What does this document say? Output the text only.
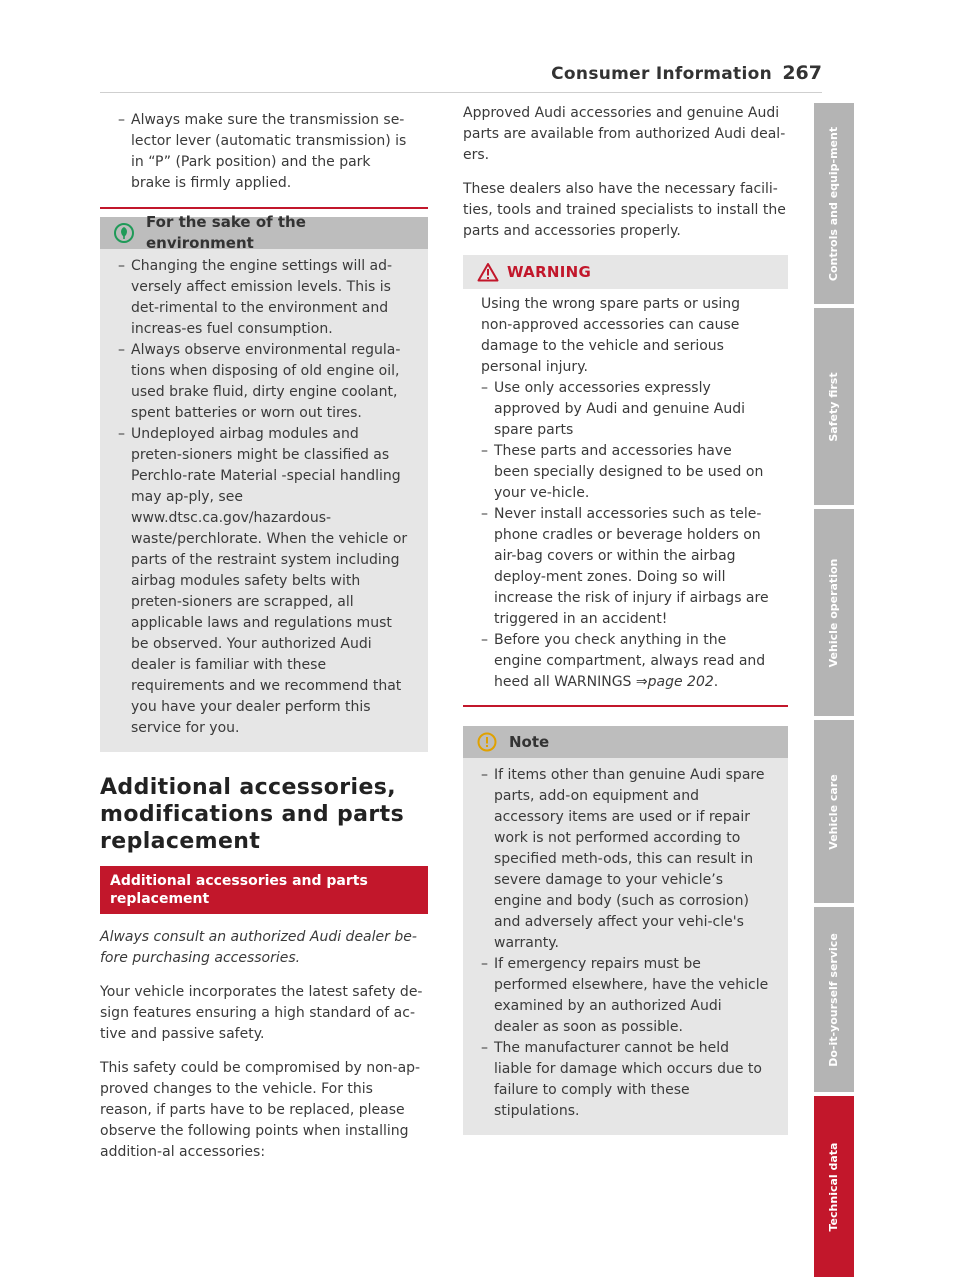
Consumer Information 267
– Always make sure the transmission se-lector lever (automatic transmission) is in “P” (Park position) and the park brake is firmly applied.
For the sake of the environment
– Changing the engine settings will ad-versely affect emission levels. This is det-rimental to the environment and increas-es fuel consumption.
– Always observe environmental regula-tions when disposing of old engine oil, used brake fluid, dirty engine coolant, spent batteries or worn out tires.
– Undeployed airbag modules and preten-sioners might be classified as Perchlo-rate Material -special handling may ap-ply, see www.dtsc.ca.gov/hazardous-waste/perchlorate. When the vehicle or parts of the restraint system including airbag modules safety belts with preten-sioners are scrapped, all applicable laws and regulations must be observed. Your authorized Audi dealer is familiar with these requirements and we recommend that you have your dealer perform this service for you.
Additional accessories, modifications and parts replacement
Additional accessories and parts replacement

Always consult an authorized Audi dealer be-fore purchasing accessories.

Your vehicle incorporates the latest safety de-sign features ensuring a high standard of ac-tive and passive safety.

This safety could be compromised by non-ap-proved changes to the vehicle. For this reason, if parts have to be replaced, please observe the following points when installing addition-al accessories:

Approved Audi accessories and genuine Audi parts are available from authorized Audi deal-ers.

These dealers also have the necessary facili-ties, tools and trained specialists to install the parts and accessories properly.

WARNING

Using the wrong spare parts or using non-approved accessories can cause damage to the vehicle and serious personal injury.

– Use only accessories expressly approved by Audi and genuine Audi spare parts
– These parts and accessories have been specially designed to be used on your ve-hicle.
– Never install accessories such as tele-phone cradles or beverage holders on air-bag covers or within the airbag deploy-ment zones. Doing so will increase the risk of injury if airbags are triggered in an accident!
– Before you check anything in the engine compartment, always read and heed all WARNINGS ⇒page 202.
Note
– If items other than genuine Audi spare parts, add-on equipment and accessory items are used or if repair work is not performed according to specified meth-ods, this can result in severe damage to your vehicle’s engine and body (such as corrosion) and adversely affect your vehi-cle's warranty.
– If emergency repairs must be performed elsewhere, have the vehicle examined by an authorized Audi dealer as soon as possible.
– The manufacturer cannot be held liable for damage which occurs due to failure to comply with these stipulations.
Controls and equip-ment
Safety first
Vehicle operation
Vehicle care
Do-it-yourself service
Technical data
